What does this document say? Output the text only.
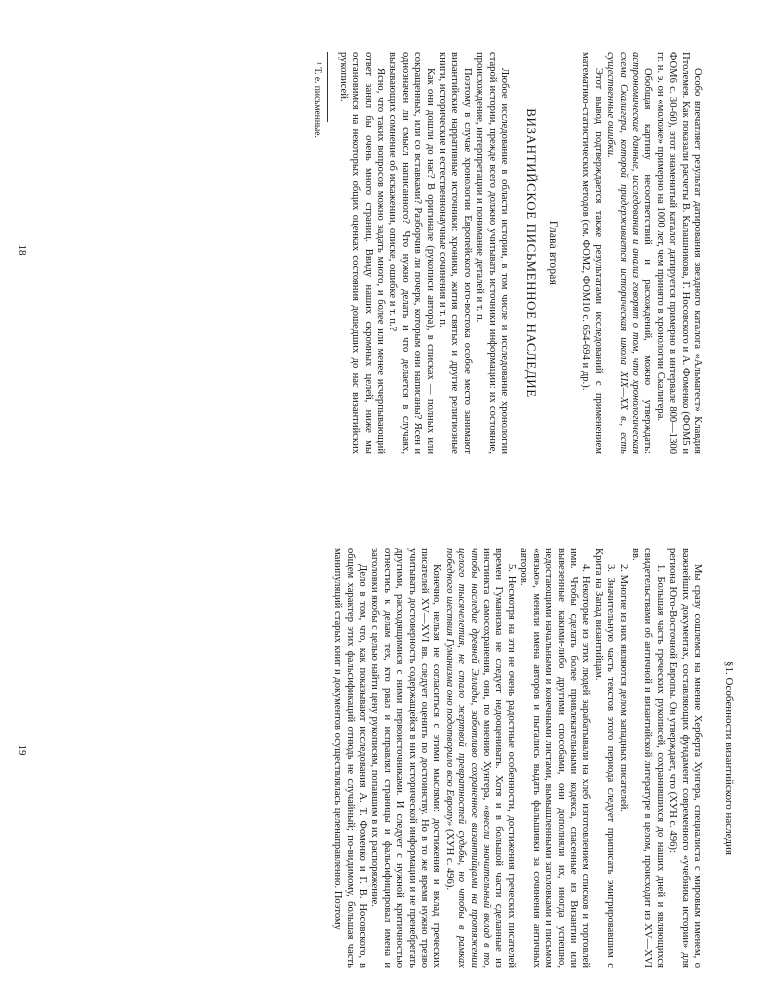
Особо впечатляет результат датирования звездного каталога «Альмагест» Клавдия Птолемея. Как показали расчеты В. Калашникова, Г. Носовского и А. Фоменко (ФОМ5 и ФОМ6 с. 30-60), этот знаменитый каталог датируется примерно в интервале 800—1300 гг. н. э. он «моложе» примерно на 1000 лет, чем принято в хронологии Скалигера.

Обобщая картину несоответствий и расхождений, можно утверждать: астрономические данные, исследования и анализ говорят о том, что хронологическая схема Скалигера, которой придерживается историческая школа XIX—XX в., есть существенные ошибки.

Этот вывод подтверждается также результатами исследований с применением математико-статистических методов (см. ФОМ2, ФОМ10 с. 654-694 и др.).

Глава вторая
ВИЗАНТИЙСКОЕ ПИСЬМЕННОЕ НАСЛЕДИЕ

Любое исследование в области истории, в том числе и исследование хронологии старой истории, прежде всего должно учитывать источники информации: их состояние, происхождение, интерпретации и понимание деталей и т. п.

Поэтому в случае хронологии Европейского юго-востока особое место занимают византийские нарративные источники: хроники, жития святых и другие религиозные книги, исторические и естественнонаучные сочинения и т. п.

Как они дошли до нас? В оригинале (рукописи автора), в списках — полных или сокращенных, или со вставками? Разборчив ли почерк, которым они написаны? Ясен и однозначен ли смысл написанного? Что нужно делать и что делается в случаях, вызывающих сомнение об искажении, описке, ошибке и т. п.?

Ясно, что таких вопросов можно задать много, и более или менее исчерпывающий ответ занял бы очень много страниц. Ввиду наших скромных целей, ниже мы остановимся на некоторых общих оценках состояния дошедших до нас византийских рукописей.

¹ Т. е. письменные.

18
§1. Особенности византийского наследия

Мы сразу сошлемся на мнение Херберта Хунгера, специалиста с мировым именем, о важнейших документах, составляющих фундамент современного «учебника истории» для региона Юго-Восточной Европы. Он утверждает, что (ХУН с. 496):

1. Большая часть греческих рукописей, сохранившихся до наших дней и являющихся свидетельствами об античной и византийской литературе в целом, происходит из XV—XVI вв.
2. Многие из них являются делом западных писателей.
3. Значительную часть текстов этого периода следует приписать эмигрировавшим с Крита на Запад византийцам.
4. Некоторые из этих людей зарабатывали на хлеб изготовлением списков и торговлей ими. Чтобы сделать более привлекательными кодекса, спасенные из Византии или вывезенные какими-либо другими способами, они дополняли их, иногда успешно, недостающими начальными и конечными листами, вымышленными заголовками и письмом «вязью», меняли имена авторов и пытались выдать фальшивки за сочинения античных авторов.
5. Несмотря на эти не очень радостные особенности, достижения греческих писателей времен Гуманизма не следует недооценивать. Хотя и в большой части сделанные из инстинкта самосохранения, они, по мнению Хунгера, «внесли значительный вклад в то, чтобы наследие древней Эллады, заботливо сохраненное византийцами на протяжении целого тысячелетия, не стало жертвой превратностей судьбы, но чтобы в рамках победного шествия Гуманизма оно подотворило всю Европу» (ХУН с. 496).

Конечно, нельзя не согласиться с этими мыслями: достижения и вклад греческих писателей XV—XVI вв. следует оценить по достоинству. Но в то же время нужно трезво учитывать достоверность содержащейся в них исторической информации и не пренебрегать другими, расходящимися с ними первоисточниками. И следует с нужной критичностью отнестись к делам тех, кто рвал и исправлял страницы и фальсифицировал имена и заголовки якобы с целью найти цену рукописям, попавшим в их распоряжение.

Дело в том, что, как показывают исследования А. Т. Фоменко и Г. В. Носовского, в общем характер этих фальсификаций отнюдь не случайный; по-видимому, большая часть манипуляций старых книг и документов осуществлялась целенаправленно. Поэтому

19
